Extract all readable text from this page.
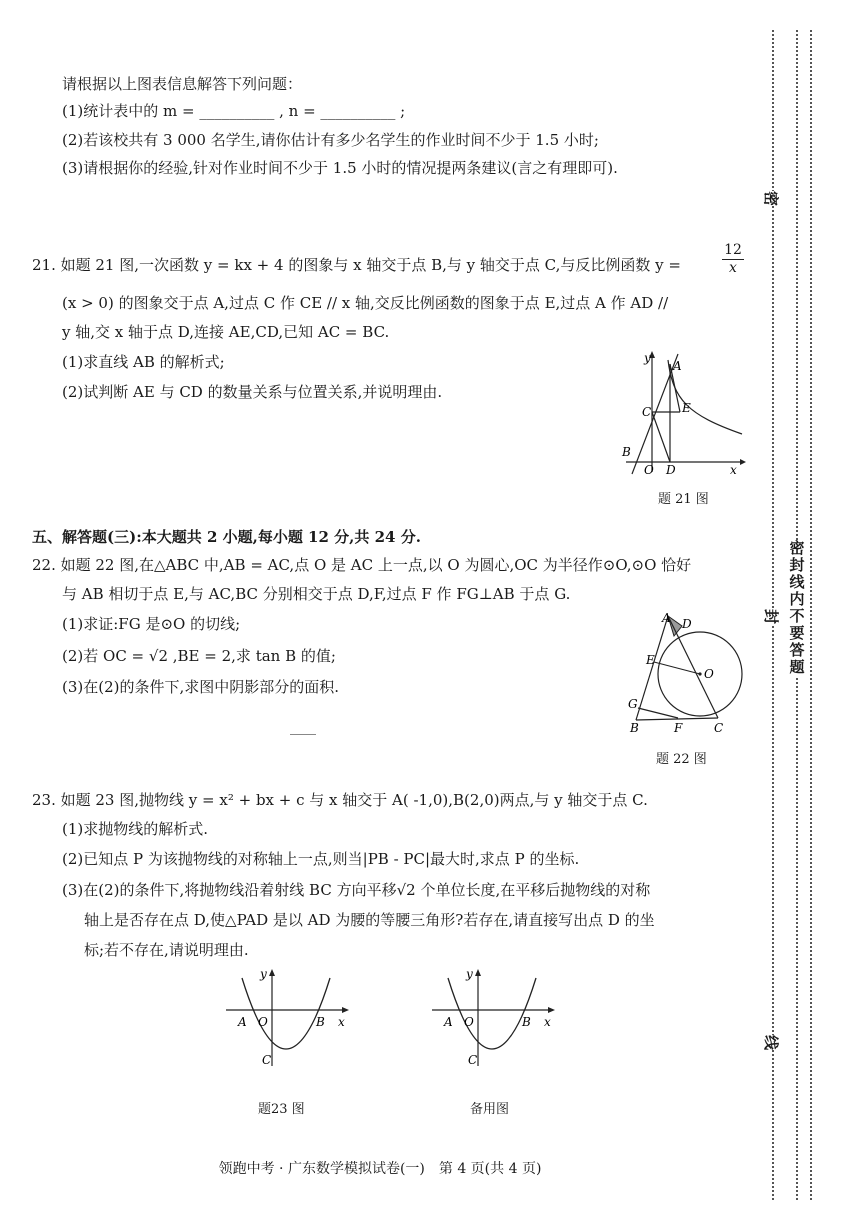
请根据以上图表信息解答下列问题：
(1)统计表中的 m = __________ , n = __________ ;
(2)若该校共有 3 000 名学生,请你估计有多少名学生的作业时间不少于 1.5 小时;
(3)请根据你的经验,针对作业时间不少于 1.5 小时的情况提两条建议(言之有理即可).
21. 如题 21 图,一次函数 y = kx + 4 的图象与 x 轴交于点 B,与 y 轴交于点 C,与反比例函数 y =	$\frac{12}{x}$
(x > 0) 的图象交于点 A,过点 C 作 CE // x 轴,交反比例函数的图象于点 E,过点 A 作 AD //
y 轴,交 x 轴于点 D,连接 AE,CD,已知 AC = BC.
(1)求直线 AB 的解析式;
(2)试判断 AE 与 CD 的数量关系与位置关系,并说明理由.
y
x
A
B
C
D
E
O
题 21 图
五、解答题(三):本大题共 2 小题,每小题 12 分,共 24 分.
22. 如题 22 图,在△ABC 中,AB = AC,点 O 是 AC 上一点,以 O 为圆心,OC 为半径作⊙O,⊙O 恰好
与 AB 相切于点 E,与 AC,BC 分别相交于点 D,F,过点 F 作 FG⊥AB 于点 G.
(1)求证:FG 是⊙O 的切线;
(2)若 OC = √2 ,BE = 2,求 tan B 的值;
(3)在(2)的条件下,求图中阴影部分的面积.
A D
E
O
G
B	F	C
题 22 图
23. 如题 23 图,抛物线 y = x² + bx + c 与 x 轴交于 A( -1,0),B(2,0)两点,与 y 轴交于点 C.
(1)求抛物线的解析式.
(2)已知点 P 为该抛物线的对称轴上一点,则当|PB - PC|最大时,求点 P 的坐标.
(3)在(2)的条件下,将抛物线沿着射线 BC 方向平移√2 个单位长度,在平移后抛物线的对称
轴上是否存在点 D,使△PAD 是以 AD 为腰的等腰三角形?若存在,请直接写出点 D 的坐
标;若不存在,请说明理由.
y
x
A O	B
C
题23 图
y
x
A O	B
C
备用图
领跑中考 · 广东数学模拟试卷(一)　第 4 页(共 4 页)
密
封
线
密封线内不要答题
